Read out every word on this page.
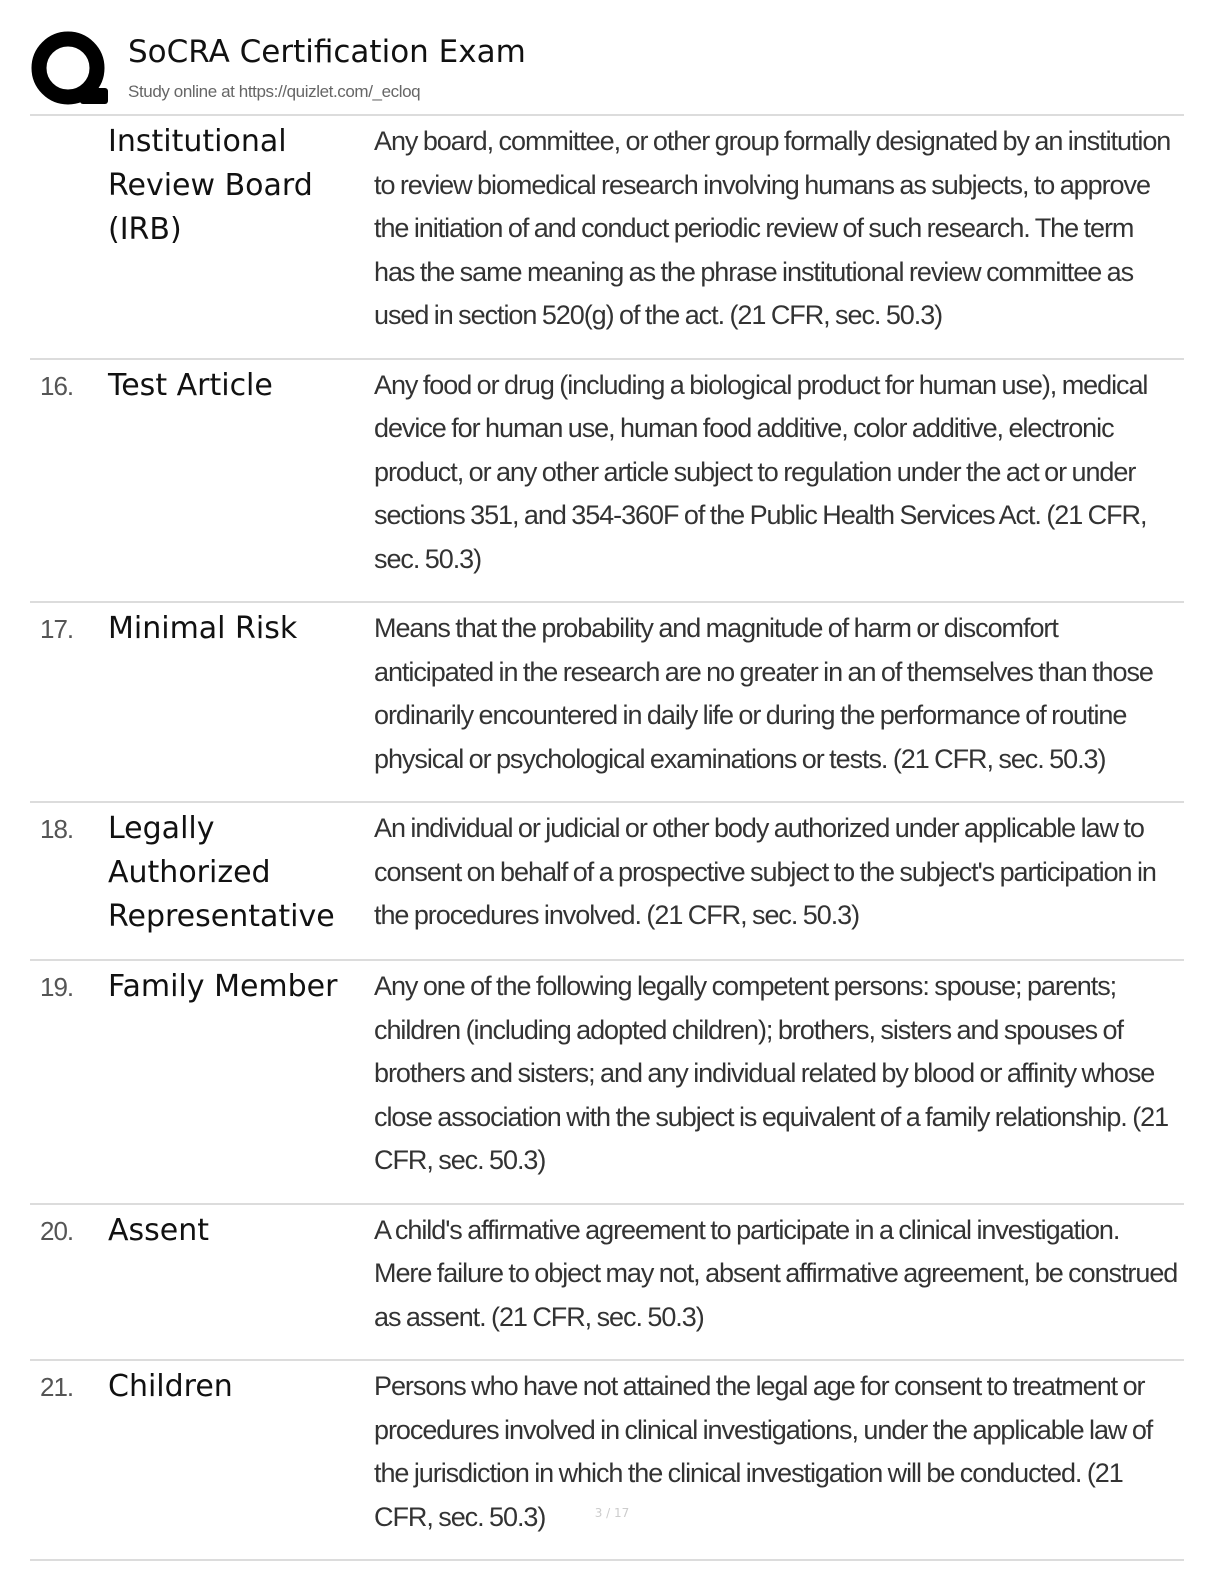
SoCRA Certification Exam
Study online at https://quizlet.com/_ecloq
Institutional Review Board (IRB)
Any board, committee, or other group formally designated by an institution to review biomedical research involving humans as subjects, to approve the initiation of and conduct periodic review of such research. The term has the same meaning as the phrase institutional review committee as used in section 520(g) of the act. (21 CFR, sec. 50.3)
16.	Test Article	Any food or drug (including a biological product for human use), medical device for human use, human food additive, color additive, electronic product, or any other article subject to regulation under the act or under sections 351, and 354-360F of the Public Health Services Act. (21 CFR, sec. 50.3)
17.	Minimal Risk	Means that the probability and magnitude of harm or discomfort anticipated in the research are no greater in an of themselves than those ordinarily encountered in daily life or during the performance of routine physical or psychological examinations or tests. (21 CFR, sec. 50.3)
18.	Legally Authorized Representative
An individual or judicial or other body authorized under applicable law to consent on behalf of a prospective subject to the subject's participation in the procedures involved. (21 CFR, sec. 50.3)
19.	Family Member	Any one of the following legally competent persons: spouse; parents; children (including adopted children); brothers, sisters and spouses of brothers and sisters; and any individual related by blood or affinity whose close association with the subject is equivalent of a family relationship. (21 CFR, sec. 50.3)
20.	Assent	A child's affirmative agreement to participate in a clinical investigation. Mere failure to object may not, absent affirmative agreement, be construed as assent. (21 CFR, sec. 50.3)
21.	Children	Persons who have not attained the legal age for consent to treatment or procedures involved in clinical investigations, under the applicable law of the jurisdiction in which the clinical investigation will be conducted. (21 CFR, sec. 50.3)	3 / 17
